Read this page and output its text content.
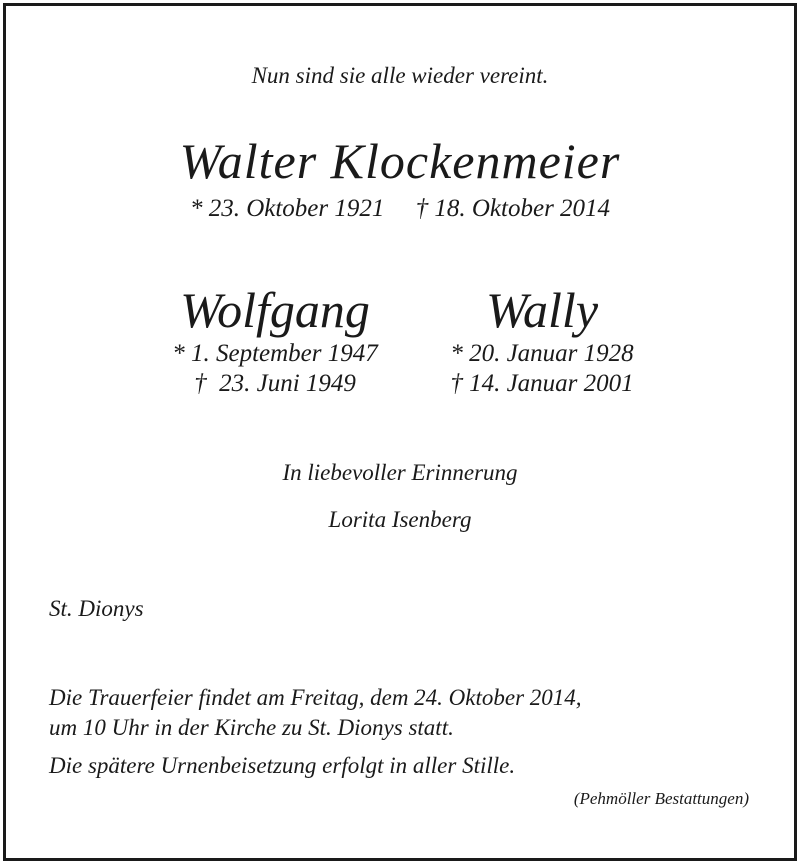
Nun sind sie alle wieder vereint.

Walter Klockenmeier

* 23. Oktober 1921     † 18. Oktober 2014

Wolfgang

* 1. September 1947

†  23. Juni 1949

Wally

* 20. Januar 1928

† 14. Januar 2001

In liebevoller Erinnerung

Lorita Isenberg

St. Dionys

Die Trauerfeier findet am Freitag, dem 24. Oktober 2014,

um 10 Uhr in der Kirche zu St. Dionys statt.

Die spätere Urnenbeisetzung erfolgt in aller Stille.

(Pehmöller Bestattungen)
